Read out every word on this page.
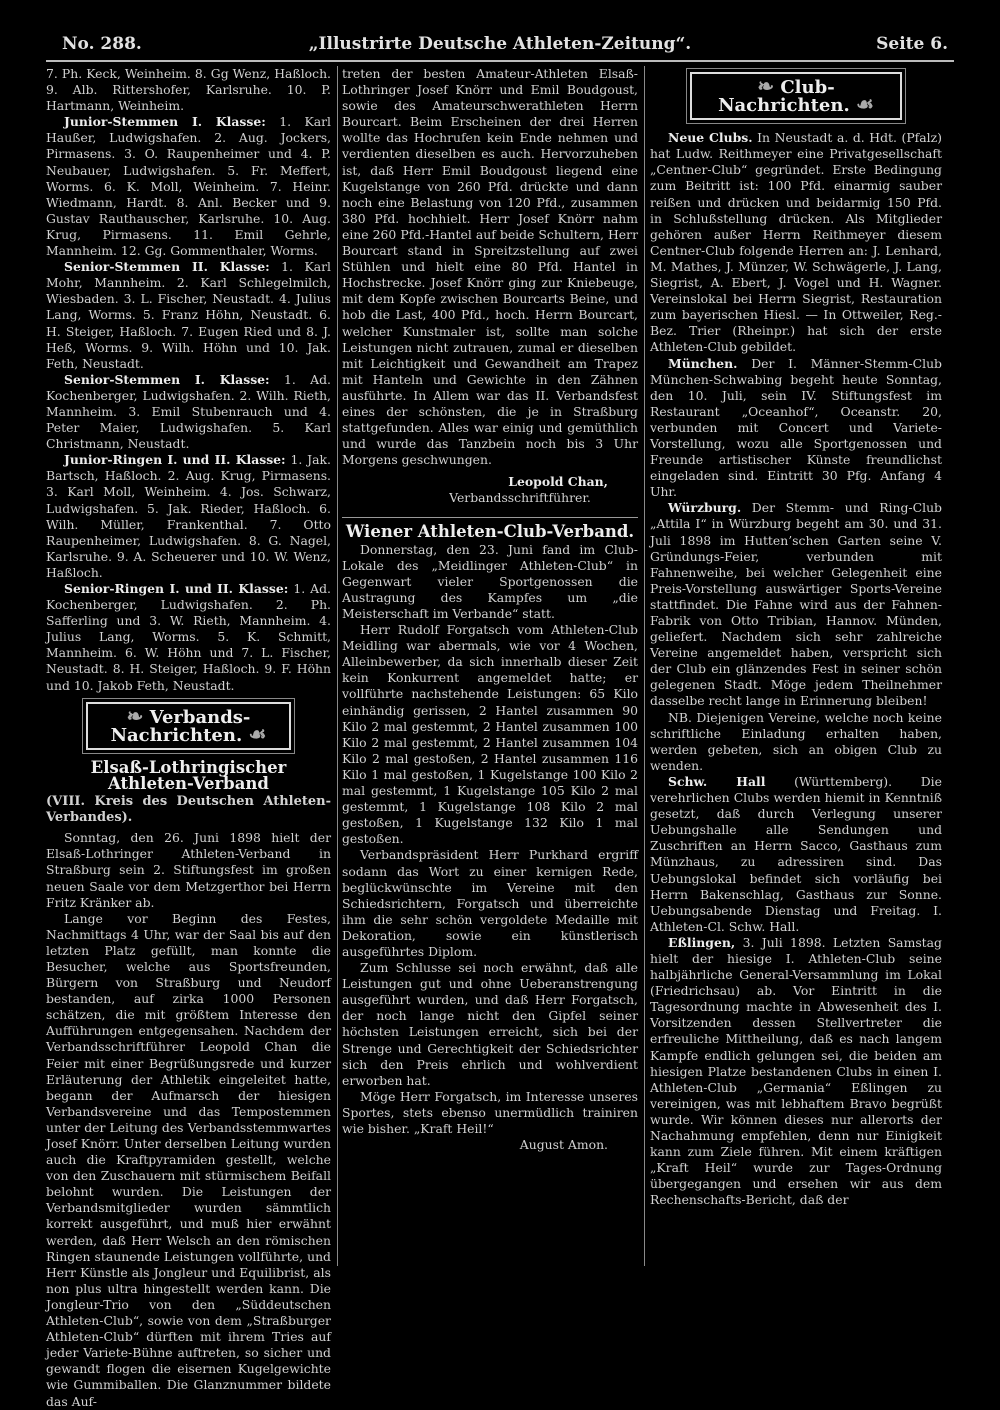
No. 288.	„Illustrirte Deutsche Athleten-Zeitung“.	Seite 6.

7. Ph. Keck, Weinheim. 8. Gg Wenz, Haßloch. 9. Alb. Rittershofer, Karlsruhe. 10. P. Hartmann, Weinheim.

Junior-Stemmen I. Klasse: 1. Karl Haußer, Ludwigshafen. 2. Aug. Jockers, Pirmasens. 3. O. Raupenheimer und 4. P. Neubauer, Ludwigshafen. 5. Fr. Meffert, Worms. 6. K. Moll, Weinheim. 7. Heinr. Wiedmann, Hardt. 8. Anl. Becker und 9. Gustav Rauthauscher, Karlsruhe. 10. Aug. Krug, Pirmasens. 11. Emil Gehrle, Mannheim. 12. Gg. Gommenthaler, Worms.

Senior-Stemmen II. Klasse: 1. Karl Mohr, Mannheim. 2. Karl Schlegelmilch, Wiesbaden. 3. L. Fischer, Neustadt. 4. Julius Lang, Worms. 5. Franz Höhn, Neustadt. 6. H. Steiger, Haßloch. 7. Eugen Ried und 8. J. Heß, Worms. 9. Wilh. Höhn und 10. Jak. Feth, Neustadt.

Senior-Stemmen I. Klasse: 1. Ad. Kochenberger, Ludwigshafen. 2. Wilh. Rieth, Mannheim. 3. Emil Stubenrauch und 4. Peter Maier, Ludwigshafen. 5. Karl Christmann, Neustadt.

Junior-Ringen I. und II. Klasse: 1. Jak. Bartsch, Haßloch. 2. Aug. Krug, Pirmasens. 3. Karl Moll, Weinheim. 4. Jos. Schwarz, Ludwigshafen. 5. Jak. Rieder, Haßloch. 6. Wilh. Müller, Frankenthal. 7. Otto Raupenheimer, Ludwigshafen. 8. G. Nagel, Karlsruhe. 9. A. Scheuerer und 10. W. Wenz, Haßloch.

Senior-Ringen I. und II. Klasse: 1. Ad. Kochenberger, Ludwigshafen. 2. Ph. Safferling und 3. W. Rieth, Mannheim. 4. Julius Lang, Worms. 5. K. Schmitt, Mannheim. 6. W. Höhn und 7. L. Fischer, Neustadt. 8. H. Steiger, Haßloch. 9. F. Höhn und 10. Jakob Feth, Neustadt.

❧ Verbands-Nachrichten. ☙
Elsaß-Lothringischer Athleten-Verband
(VIII. Kreis des Deutschen Athleten-Verbandes).

Sonntag, den 26. Juni 1898 hielt der Elsaß-Lothringer Athleten-Verband in Straßburg sein 2. Stiftungsfest im großen neuen Saale vor dem Metzgerthor bei Herrn Fritz Kränker ab.

Lange vor Beginn des Festes, Nachmittags 4 Uhr, war der Saal bis auf den letzten Platz gefüllt, man konnte die Besucher, welche aus Sportsfreunden, Bürgern von Straßburg und Neudorf bestanden, auf zirka 1000 Personen schätzen, die mit größtem Interesse den Aufführungen entgegensahen. Nachdem der Verbandsschriftführer Leopold Chan die Feier mit einer Begrüßungsrede und kurzer Erläuterung der Athletik eingeleitet hatte, begann der Aufmarsch der hiesigen Verbandsvereine und das Tempostemmen unter der Leitung des Verbandsstemmwartes Josef Knörr. Unter derselben Leitung wurden auch die Kraftpyramiden gestellt, welche von den Zuschauern mit stürmischem Beifall belohnt wurden. Die Leistungen der Verbandsmitglieder wurden sämmtlich korrekt ausgeführt, und muß hier erwähnt werden, daß Herr Welsch an den römischen Ringen staunende Leistungen vollführte, und Herr Künstle als Jongleur und Equilibrist, als non plus ultra hingestellt werden kann. Die Jongleur-Trio von den „Süddeutschen Athleten-Club“, sowie von dem „Straßburger Athleten-Club“ dürften mit ihrem Tries auf jeder Variete-Bühne auftreten, so sicher und gewandt flogen die eisernen Kugelgewichte wie Gummiballen. Die Glanznummer bildete das Auf-

treten der besten Amateur-Athleten Elsaß-Lothringer Josef Knörr und Emil Boudgoust, sowie des Amateurschwerathleten Herrn Bourcart. Beim Erscheinen der drei Herren wollte das Hochrufen kein Ende nehmen und verdienten dieselben es auch. Hervorzuheben ist, daß Herr Emil Boudgoust liegend eine Kugelstange von 260 Pfd. drückte und dann noch eine Belastung von 120 Pfd., zusammen 380 Pfd. hochhielt. Herr Josef Knörr nahm eine 260 Pfd.-Hantel auf beide Schultern, Herr Bourcart stand in Spreitzstellung auf zwei Stühlen und hielt eine 80 Pfd. Hantel in Hochstrecke. Josef Knörr ging zur Kniebeuge, mit dem Kopfe zwischen Bourcarts Beine, und hob die Last, 400 Pfd., hoch. Herrn Bourcart, welcher Kunstmaler ist, sollte man solche Leistungen nicht zutrauen, zumal er dieselben mit Leichtigkeit und Gewandheit am Trapez mit Hanteln und Gewichte in den Zähnen ausführte. In Allem war das II. Verbandsfest eines der schönsten, die je in Straßburg stattgefunden. Alles war einig und gemüthlich und wurde das Tanzbein noch bis 3 Uhr Morgens geschwungen.

Leopold Chan,

Verbandsschriftführer.

Wiener Athleten-Club-Verband.

Donnerstag, den 23. Juni fand im Club-Lokale des „Meidlinger Athleten-Club“ in Gegenwart vieler Sportgenossen die Austragung des Kampfes um „die Meisterschaft im Verbande“ statt.

Herr Rudolf Forgatsch vom Athleten-Club Meidling war abermals, wie vor 4 Wochen, Alleinbewerber, da sich innerhalb dieser Zeit kein Konkurrent angemeldet hatte; er vollführte nachstehende Leistungen: 65 Kilo einhändig gerissen, 2 Hantel zusammen 90 Kilo 2 mal gestemmt, 2 Hantel zusammen 100 Kilo 2 mal gestemmt, 2 Hantel zusammen 104 Kilo 2 mal gestoßen, 2 Hantel zusammen 116 Kilo 1 mal gestoßen, 1 Kugelstange 100 Kilo 2 mal gestemmt, 1 Kugelstange 105 Kilo 2 mal gestemmt, 1 Kugelstange 108 Kilo 2 mal gestoßen, 1 Kugelstange 132 Kilo 1 mal gestoßen.

Verbandspräsident Herr Purkhard ergriff sodann das Wort zu einer kernigen Rede, beglückwünschte im Vereine mit den Schiedsrichtern, Forgatsch und überreichte ihm die sehr schön vergoldete Medaille mit Dekoration, sowie ein künstlerisch ausgeführtes Diplom.

Zum Schlusse sei noch erwähnt, daß alle Leistungen gut und ohne Ueberanstrengung ausgeführt wurden, und daß Herr Forgatsch, der noch lange nicht den Gipfel seiner höchsten Leistungen erreicht, sich bei der Strenge und Gerechtigkeit der Schiedsrichter sich den Preis ehrlich und wohlverdient erworben hat.

Möge Herr Forgatsch, im Interesse unseres Sportes, stets ebenso unermüdlich trainiren wie bisher. „Kraft Heil!“

August Amon.

❧ Club-Nachrichten. ☙

Neue Clubs. In Neustadt a. d. Hdt. (Pfalz) hat Ludw. Reithmeyer eine Privatgesellschaft „Centner-Club“ gegründet. Erste Bedingung zum Beitritt ist: 100 Pfd. einarmig sauber reißen und drücken und beidarmig 150 Pfd. in Schlußstellung drücken. Als Mitglieder gehören außer Herrn Reithmeyer diesem Centner-Club folgende Herren an: J. Lenhard, M. Mathes, J. Münzer, W. Schwägerle, J. Lang, Siegrist, A. Ebert, J. Vogel und H. Wagner. Vereinslokal bei Herrn Siegrist, Restauration zum bayerischen Hiesl. — In Ottweiler, Reg.-Bez. Trier (Rheinpr.) hat sich der erste Athleten-Club gebildet.

München. Der I. Männer-Stemm-Club München-Schwabing begeht heute Sonntag, den 10. Juli, sein IV. Stiftungsfest im Restaurant „Oceanhof“, Oceanstr. 20, verbunden mit Concert und Variete-Vorstellung, wozu alle Sportgenossen und Freunde artistischer Künste freundlichst eingeladen sind. Eintritt 30 Pfg. Anfang 4 Uhr.

Würzburg. Der Stemm- und Ring-Club „Attila I“ in Würzburg begeht am 30. und 31. Juli 1898 im Hutten’schen Garten seine V. Gründungs-Feier, verbunden mit Fahnenweihe, bei welcher Gelegenheit eine Preis-Vorstellung auswärtiger Sports-Vereine stattfindet. Die Fahne wird aus der Fahnen-Fabrik von Otto Tribian, Hannov. Münden, geliefert. Nachdem sich sehr zahlreiche Vereine angemeldet haben, verspricht sich der Club ein glänzendes Fest in seiner schön gelegenen Stadt. Möge jedem Theilnehmer dasselbe recht lange in Erinnerung bleiben!

NB. Diejenigen Vereine, welche noch keine schriftliche Einladung erhalten haben, werden gebeten, sich an obigen Club zu wenden.

Schw. Hall (Württemberg). Die verehrlichen Clubs werden hiemit in Kenntniß gesetzt, daß durch Verlegung unserer Uebungshalle alle Sendungen und Zuschriften an Herrn Sacco, Gasthaus zum Münzhaus, zu adressiren sind. Das Uebungslokal befindet sich vorläufig bei Herrn Bakenschlag, Gasthaus zur Sonne. Uebungsabende Dienstag und Freitag. I. Athleten-Cl. Schw. Hall.

Eßlingen, 3. Juli 1898. Letzten Samstag hielt der hiesige I. Athleten-Club seine halbjährliche General-Versammlung im Lokal (Friedrichsau) ab. Vor Eintritt in die Tagesordnung machte in Abwesenheit des I. Vorsitzenden dessen Stellvertreter die erfreuliche Mittheilung, daß es nach langem Kampfe endlich gelungen sei, die beiden am hiesigen Platze bestandenen Clubs in einen I. Athleten-Club „Germania“ Eßlingen zu vereinigen, was mit lebhaftem Bravo begrüßt wurde. Wir können dieses nur allerorts der Nachahmung empfehlen, denn nur Einigkeit kann zum Ziele führen. Mit einem kräftigen „Kraft Heil“ wurde zur Tages-Ordnung übergegangen und ersehen wir aus dem Rechenschafts-Bericht, daß der
